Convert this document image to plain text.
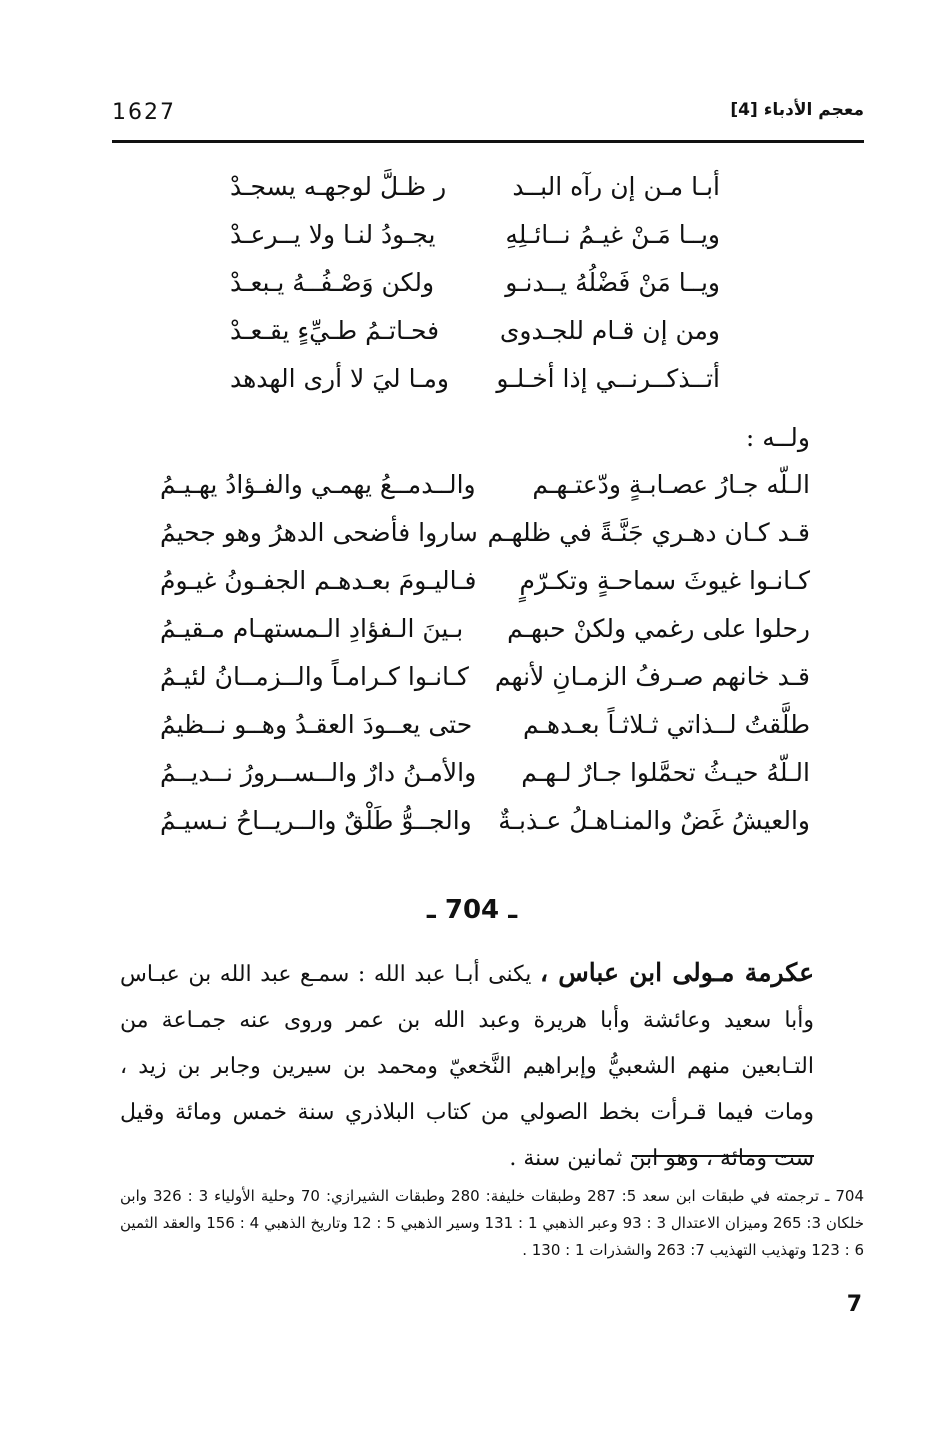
1627	معجم الأدباء [4]
أبـا مـن إن رآه البــد
ر ظـلَّ لوجهـه يسجـدْ
ويــا مَـنْ غيـمُ نــائـلِهِ
يجـودُ لنـا ولا يــرعـدْ
ويــا مَنْ فَضْلُهُ يــدنـو
ولكن وَصْـفُــهُ يـبعـدْ
ومن إن قـام للجـدوى
فحـاتـمُ طـيِّءٍ يقـعـدْ
أتــذكــرنــي إذا أخـلـو
ومـا ليَ لا أرى الهدهد
ولــه :
الـلّه جـارُ عصـابـةٍ ودّعتـهـم
والــدمــعُ يهمـي والفـؤادُ يهـيـمُ
قـد كـان دهـري جَنَّـةً في ظلهـم
ساروا فأضحى الدهرُ وهو جحيمُ
كـانـوا غيوثَ سماحـةٍ وتكـرّمٍ
فـاليـومَ بعـدهـم الجفـونُ غيـومُ
رحلوا على رغمي ولكنْ حبهـم
بـينَ الـفؤادِ الـمستهـام مـقيـمُ
قـد خانهم صـرفُ الزمـانِ لأنهم
كـانـوا كـرامـاً والــزمــانُ لئيـمُ
طلَّقتُ لــذاتي ثـلاثـاً بعـدهـم
حتى يعــودَ العقـدُ وهــو نــظيمُ
الـلّهُ حيـثُ تحمَّلوا جـارٌ لـهـم
والأمـنُ دارٌ والــســرورُ نــديــمُ
والعيشُ غَضٌ والمنـاهـلُ عـذبـةٌ
والجــوُّ طَلْقٌ والــريــاحُ نـسيـمُ
ـ 704 ـ
عكرمة مـولى ابن عباس ، يكنى أبـا عبد الله : سمـع عبد الله بن عبـاس وأبا سعيد وعائشة وأبا هريرة وعبد الله بن عمر وروى عنه جمـاعة من التـابعين منهم الشعبيُّ وإبراهيم النَّخعيّ ومحمد بن سيرين وجابر بن زيد ، ومات فيما قـرأت بخط الصولي من كتاب البلاذري سنة خمس ومائة وقيل ست ومائة ، وهو ابن ثمانين سنة .
704 ـ ترجمته في طبقات ابن سعد 5: 287 وطبقات خليفة: 280 وطبقات الشيرازي: 70 وحلية الأولياء 3 : 326 وابن خلكان 3: 265 وميزان الاعتدال 3 : 93 وعبر الذهبي 1 : 131 وسير الذهبي 5 : 12 وتاريخ الذهبي 4 : 156 والعقد الثمين 6 : 123 وتهذيب التهذيب 7: 263 والشذرات 1 : 130 .
7
